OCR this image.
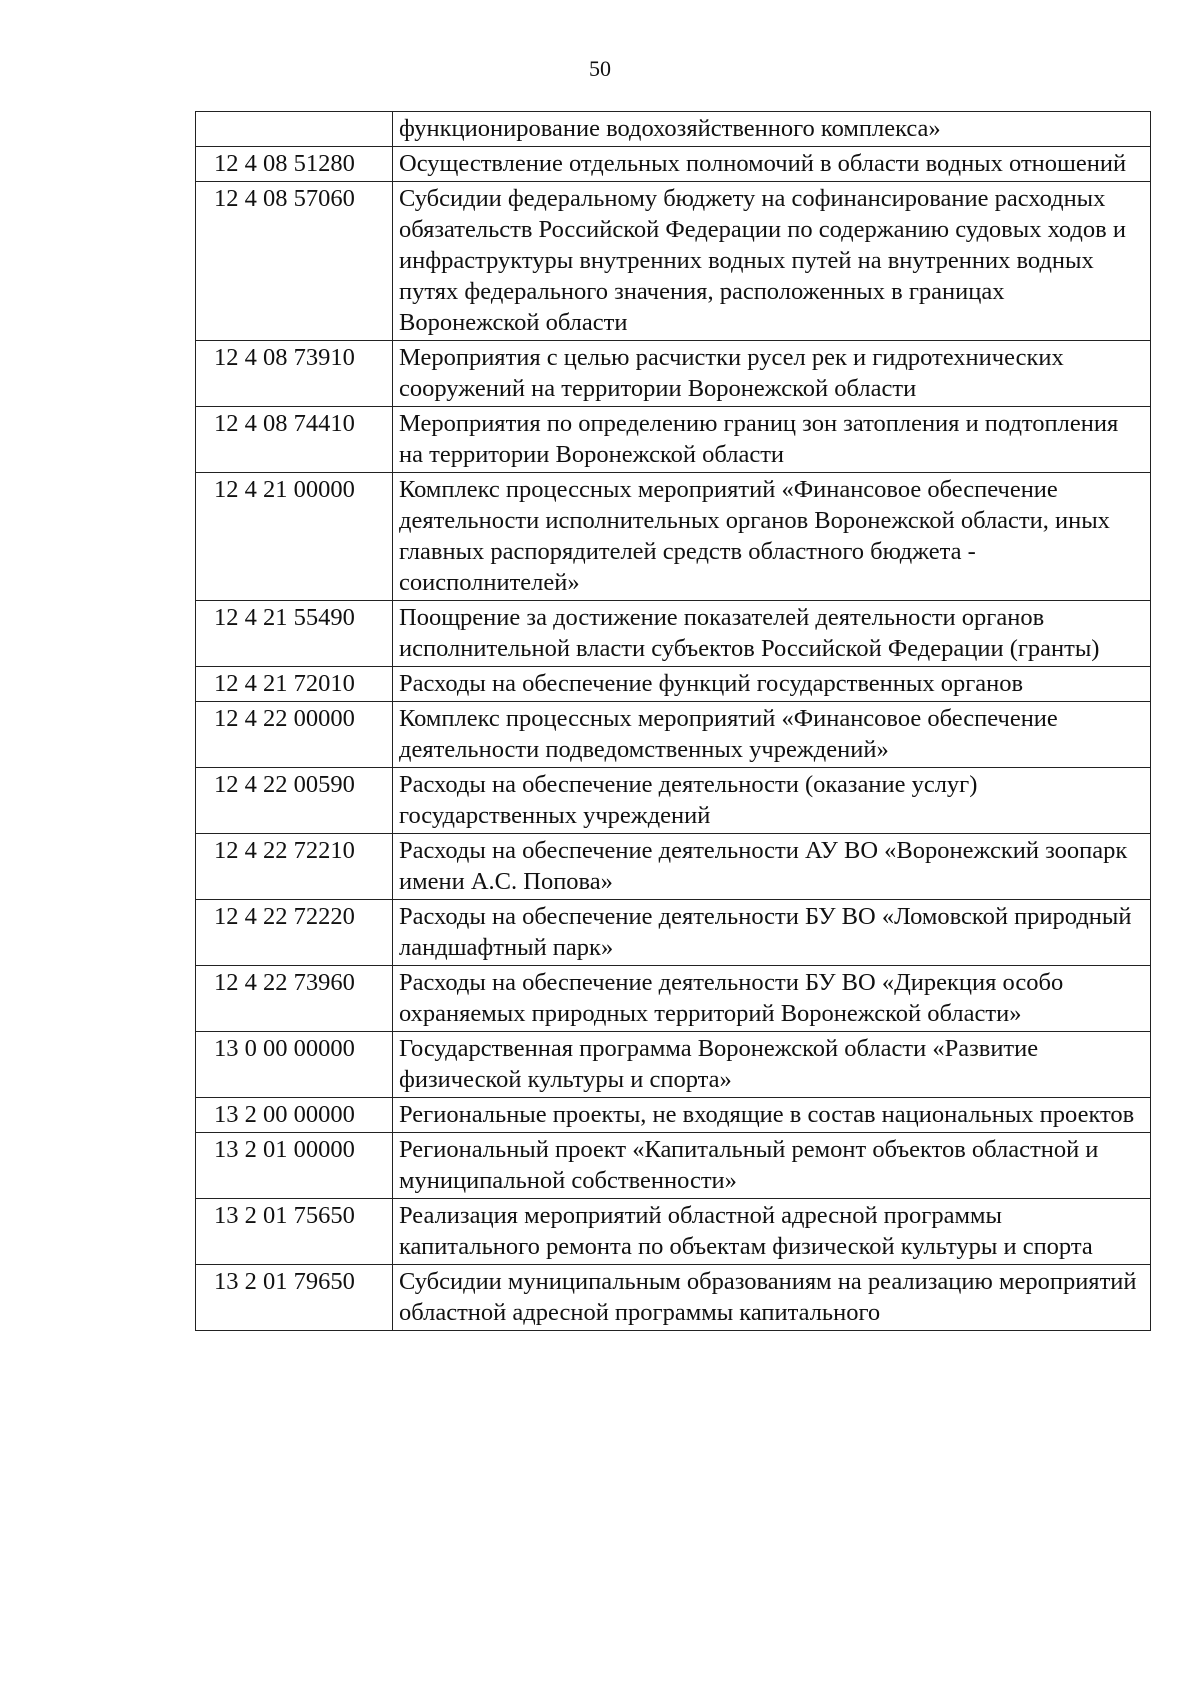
50
	функционирование водохозяйственного комплекса»
12 4 08 51280	Осуществление отдельных полномочий в области водных отношений
12 4 08 57060	Субсидии федеральному бюджету на софинансирование расходных обязательств Российской Федерации по содержанию судовых ходов и инфраструктуры внутренних водных путей на внутренних водных путях федерального значения, расположенных в границах Воронежской области
12 4 08 73910	Мероприятия с целью расчистки русел рек и гидротехнических сооружений на территории Воронежской области
12 4 08 74410	Мероприятия по определению границ зон затопления и подтопления на территории Воронежской области
12 4 21 00000	Комплекс процессных мероприятий «Финансовое обеспечение деятельности исполнительных органов Воронежской области, иных главных распорядителей средств областного бюджета - соисполнителей»
12 4 21 55490	Поощрение за достижение показателей деятельности органов исполнительной власти субъектов Российской Федерации (гранты)
12 4 21 72010	Расходы на обеспечение функций государственных органов
12 4 22 00000	Комплекс процессных мероприятий «Финансовое обеспечение деятельности подведомственных учреждений»
12 4 22 00590	Расходы на обеспечение деятельности (оказание услуг) государственных учреждений
12 4 22 72210	Расходы на обеспечение деятельности АУ ВО «Воронежский зоопарк имени А.С. Попова»
12 4 22 72220	Расходы на обеспечение деятельности БУ ВО «Ломовской природный ландшафтный парк»
12 4 22 73960	Расходы на обеспечение деятельности БУ ВО «Дирекция особо охраняемых природных территорий Воронежской области»
13 0 00 00000	Государственная программа Воронежской области «Развитие физической культуры и спорта»
13 2 00 00000	Региональные проекты, не входящие в состав национальных проектов
13 2 01 00000	Региональный проект «Капитальный ремонт объектов областной и муниципальной собственности»
13 2 01 75650	Реализация мероприятий областной адресной программы капитального ремонта по объектам физической культуры и спорта
13 2 01 79650	Субсидии муниципальным образованиям на реализацию мероприятий областной адресной программы капитального
